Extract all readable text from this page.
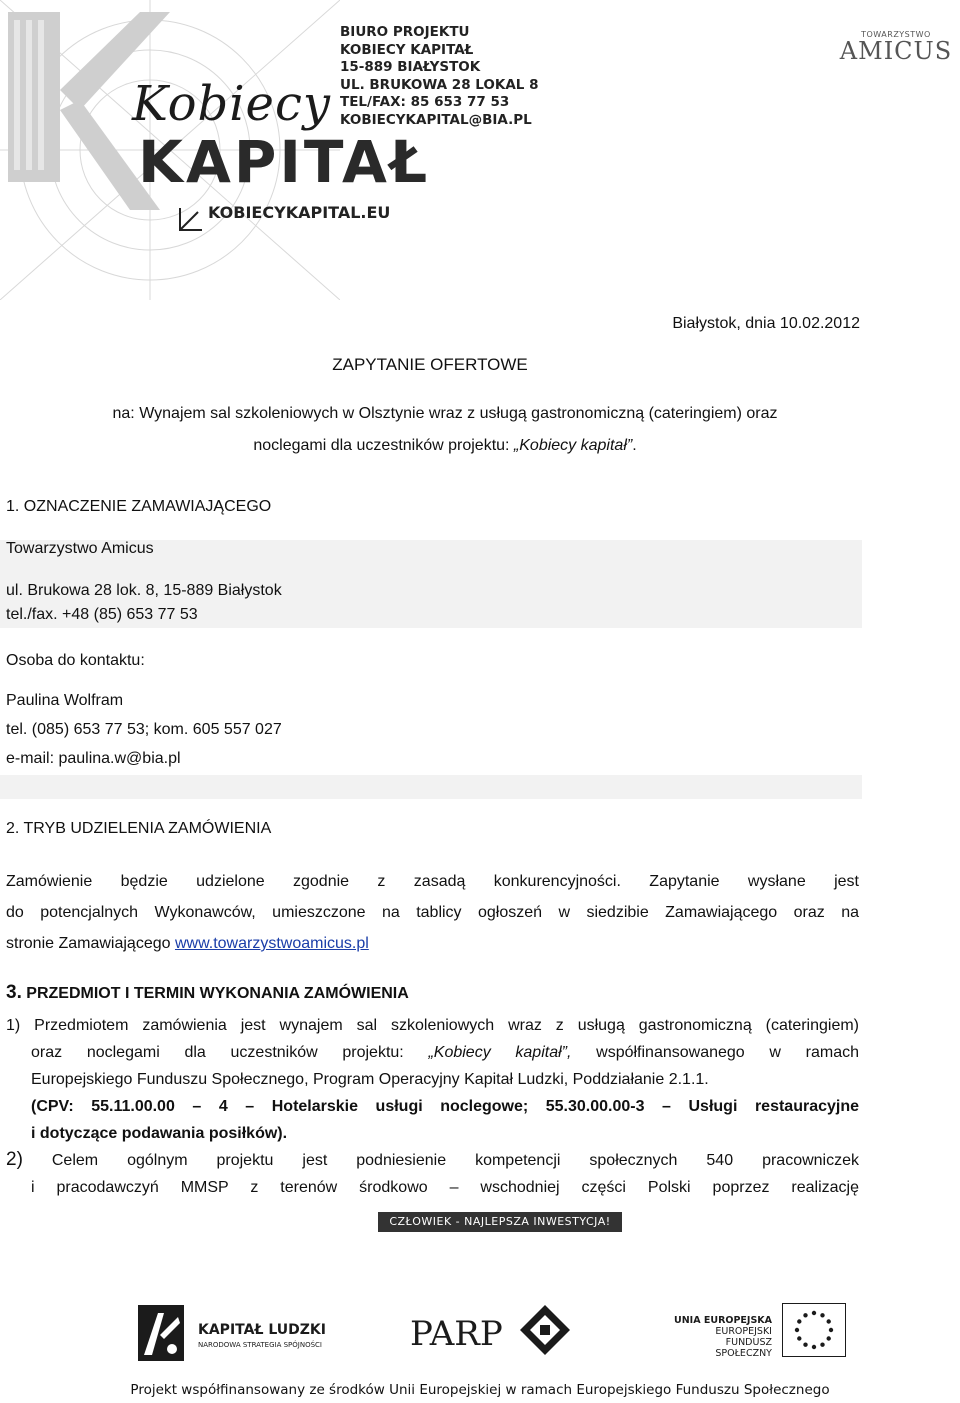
Kobiecy
KAPITAŁ
KOBIECYKAPITAL.EU
BIURO PROJEKTU
KOBIECY KAPITAŁ
15-889 BIAŁYSTOK
UL. BRUKOWA 28 LOKAL 8
TEL/FAX: 85 653 77 53
KOBIECYKAPITAL@BIA.PL
TOWARZYSTWO
AMICUS
Białystok, dnia 10.02.2012
ZAPYTANIE OFERTOWE
na: Wynajem sal szkoleniowych w Olsztynie wraz z usługą gastronomiczną (cateringiem) oraz
noclegami dla uczestników projektu: „Kobiecy kapitał”.
1. OZNACZENIE ZAMAWIAJĄCEGO
Towarzystwo Amicus
ul. Brukowa 28 lok. 8, 15-889 Białystok
tel./fax. +48 (85) 653 77 53
Osoba do kontaktu:
Paulina Wolfram
tel. (085) 653 77 53; kom. 605 557 027
e-mail: paulina.w@bia.pl
2. TRYB UDZIELENIA ZAMÓWIENIA
Zamówienie będzie udzielone zgodnie z zasadą konkurencyjności. Zapytanie wysłane jest
do potencjalnych Wykonawców, umieszczone na tablicy ogłoszeń w siedzibie Zamawiającego oraz na
stronie Zamawiającego www.towarzystwoamicus.pl
3. PRZEDMIOT I TERMIN WYKONANIA ZAMÓWIENIA
1) Przedmiotem zamówienia jest wynajem sal szkoleniowych wraz z usługą gastronomiczną (cateringiem)
oraz noclegami dla uczestników projektu: „Kobiecy kapitał”, współfinansowanego w ramach
Europejskiego Funduszu Społecznego, Program Operacyjny Kapitał Ludzki, Poddziałanie 2.1.1.
(CPV: 55.11.00.00 – 4 – Hotelarskie usługi noclegowe; 55.30.00.00-3 – Usługi restauracyjne
i dotyczące podawania posiłków).
2) Celem ogólnym projektu jest podniesienie kompetencji społecznych 540 pracowniczek
i pracodawczyń MMSP z terenów środkowo – wschodniej części Polski poprzez realizację
CZŁOWIEK - NAJLEPSZA INWESTYCJA!
KAPITAŁ LUDZKI
NARODOWA STRATEGIA SPÓJNOŚCI	PARP	UNIA EUROPEJSKA
EUROPEJSKI
FUNDUSZ SPOŁECZNY
Projekt współfinansowany ze środków Unii Europejskiej w ramach Europejskiego Funduszu Społecznego
